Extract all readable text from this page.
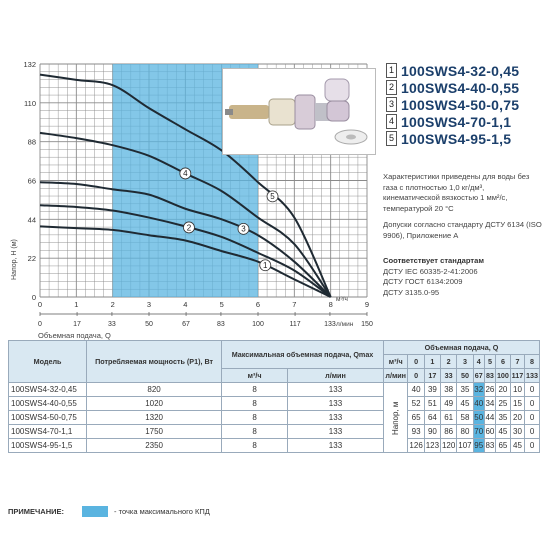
0
22
44
66
88
110
132
0	1	2	3	4	5	6	7	8	9
0	17	33	50	67	83	100	117	133	150
1
2	3
4
5
Напор, H (м)
Объемная подача, Q
м³/ч
л/мин
1 100SWS4-32-0,45
2 100SWS4-40-0,55
3 100SWS4-50-0,75
4 100SWS4-70-1,1
5 100SWS4-95-1,5

Характеристики приведены для воды без газа с плотностью 1,0 кг/дм³, кинематической вязкостью 1 мм²/с, температурой 20 °С

Допуски согласно стандарту ДСТУ 6134 (ISO 9906), Приложение А

Соответствует стандартам

ДСТУ IEC 60335-2-41:2006

ДСТУ ГОСТ 6134:2009

ДСТУ 3135.0-95

Модель	Потребляемая мощность (P1), Вт	Максимальная объемная подача, Qmax		Объемная подача, Q									
				м³/ч	0	1	2	3	4	5	6	7	8
		м³/ч	л/мин	л/мин	0	17	33	50	67	83	100	117	133
100SWS4-32-0,45	820	8	133	Напор, м	40	39	38	35	32	26	20	10	0
100SWS4-40-0,55	1020	8	133		52	51	49	45	40	34	25	15	0
100SWS4-50-0,75	1320	8	133		65	64	61	58	50	44	35	20	0
100SWS4-70-1,1	1750	8	133		93	90	86	80	70	60	45	30	0
100SWS4-95-1,5	2350	8	133		126	123	120	107	95	83	65	45	0
ПРИМЕЧАНИЕ:	- точка максимального КПД
